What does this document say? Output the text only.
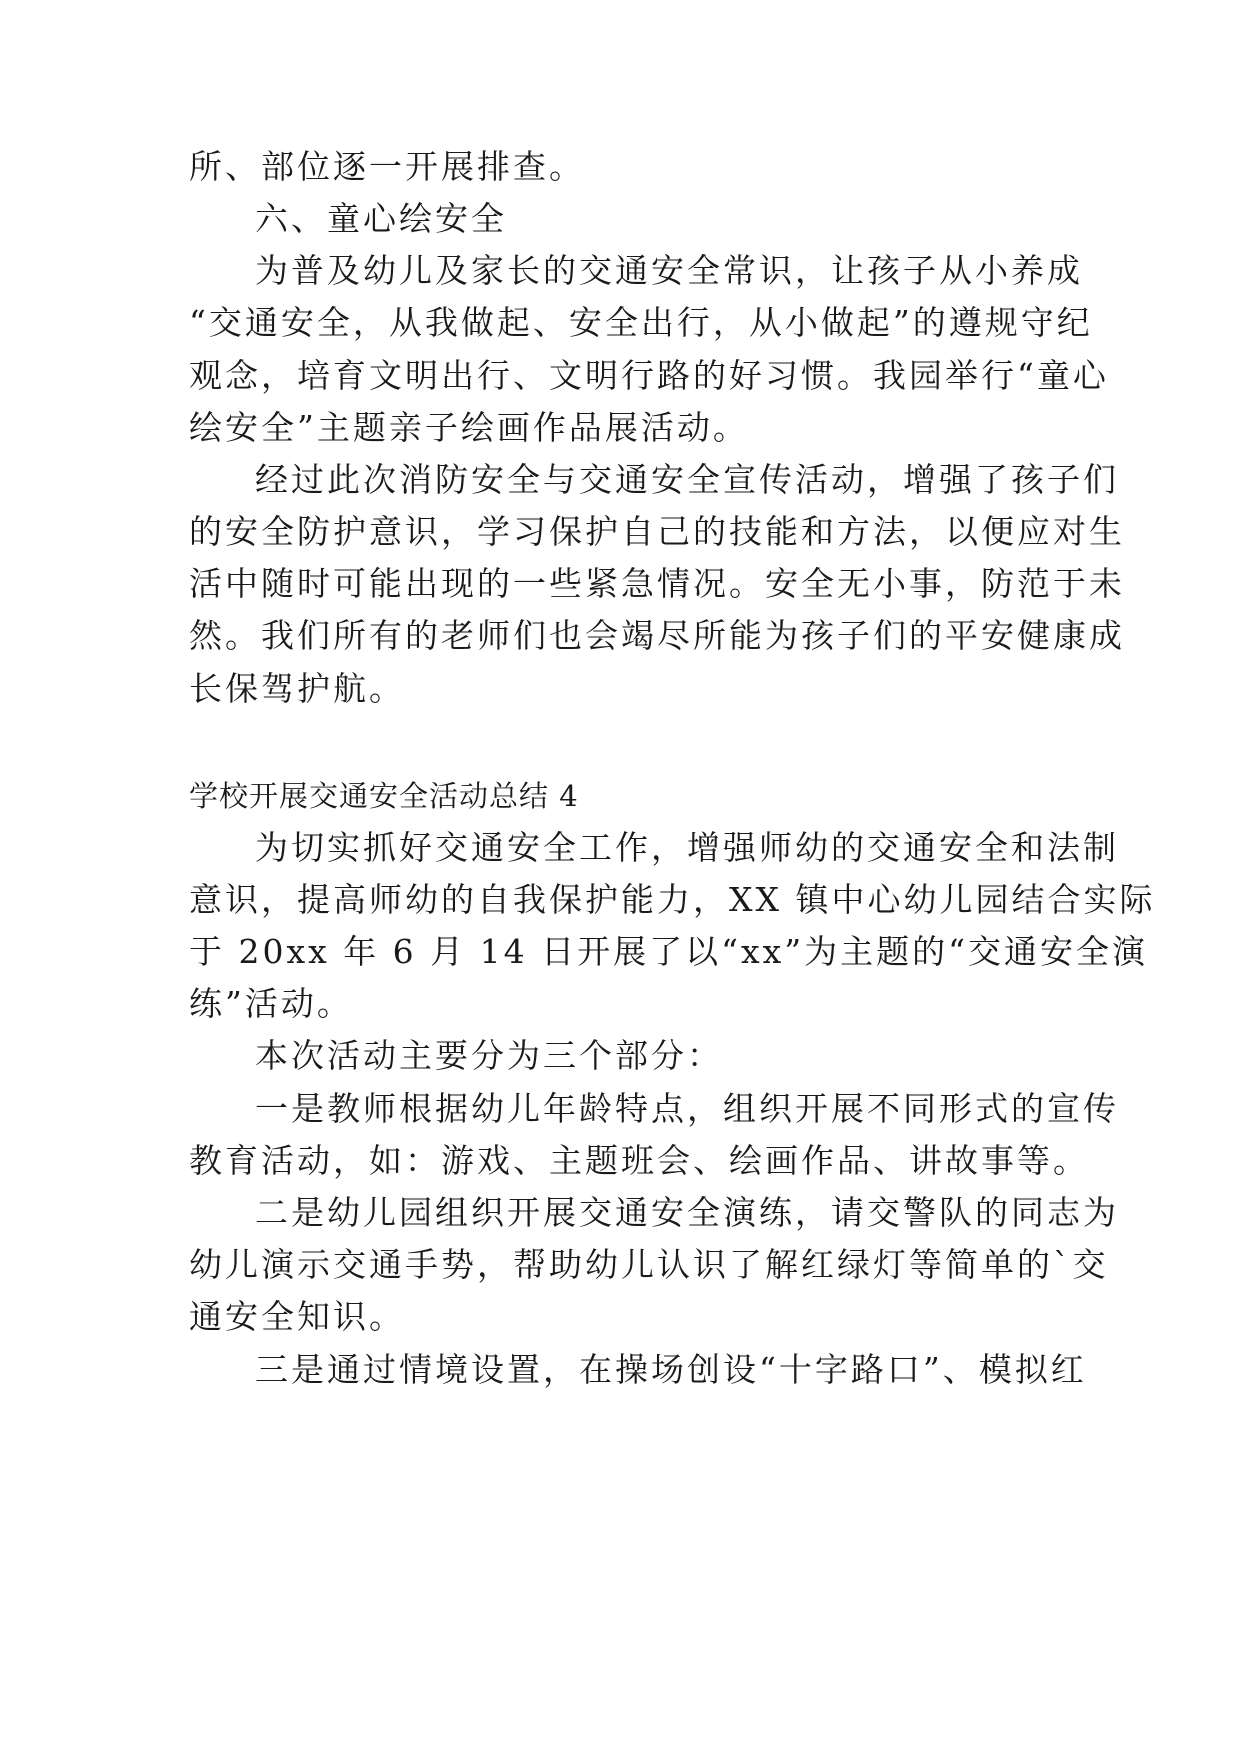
所、部位逐一开展排查。
六、童心绘安全
为普及幼儿及家长的交通安全常识，让孩子从小养成
“交通安全，从我做起、安全出行，从小做起”的遵规守纪
观念，培育文明出行、文明行路的好习惯。我园举行“童心
绘安全”主题亲子绘画作品展活动。
经过此次消防安全与交通安全宣传活动，增强了孩子们
的安全防护意识，学习保护自己的技能和方法，以便应对生
活中随时可能出现的一些紧急情况。安全无小事，防范于未
然。我们所有的老师们也会竭尽所能为孩子们的平安健康成
长保驾护航。
学校开展交通安全活动总结 4
为切实抓好交通安全工作，增强师幼的交通安全和法制
意识，提高师幼的自我保护能力，XX 镇中心幼儿园结合实际
于 20xx 年 6 月 14 日开展了以“xx”为主题的“交通安全演
练”活动。
本次活动主要分为三个部分：
一是教师根据幼儿年龄特点，组织开展不同形式的宣传
教育活动，如：游戏、主题班会、绘画作品、讲故事等。
二是幼儿园组织开展交通安全演练，请交警队的同志为
幼儿演示交通手势，帮助幼儿认识了解红绿灯等简单的`交
通安全知识。
三是通过情境设置，在操场创设“十字路口”、模拟红
